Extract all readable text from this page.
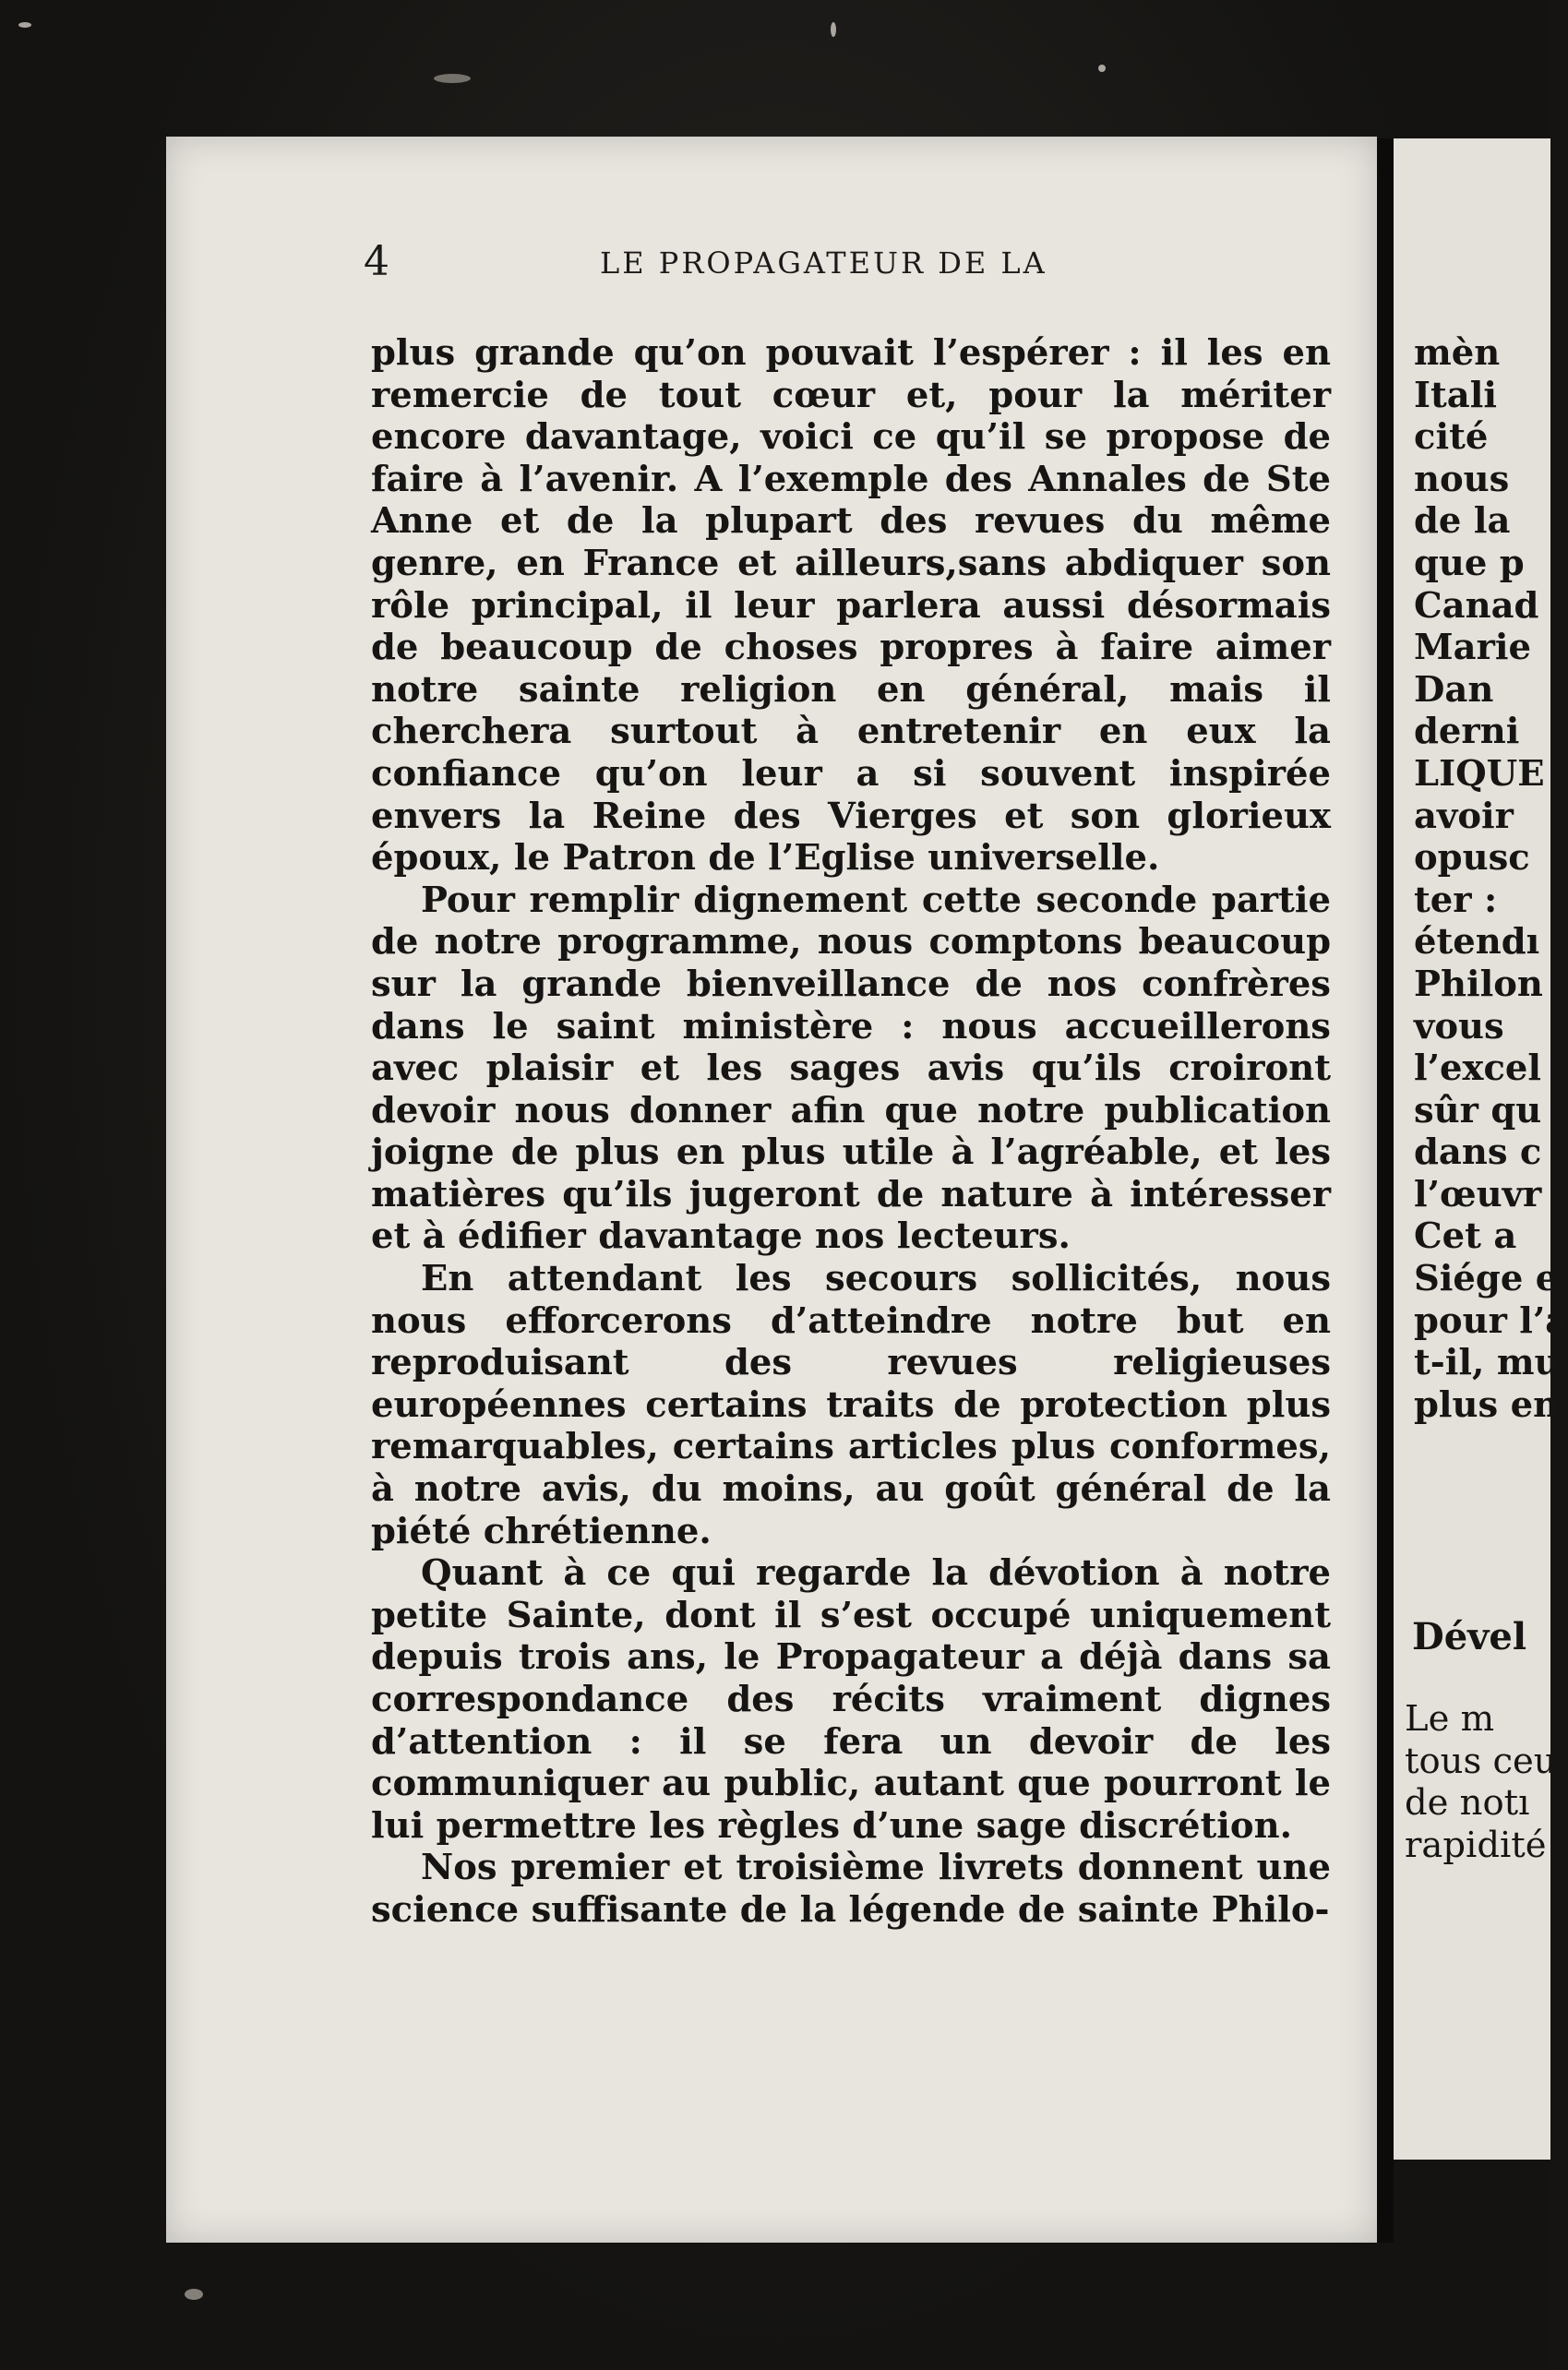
4	LE PROPAGATEUR DE LA

plus grande qu’on pouvait l’espérer : il les en remercie de tout cœur et, pour la mériter encore davantage, voici ce qu’il se propose de faire à l’avenir. A l’exemple des Annales de Ste Anne et de la plupart des revues du même genre, en France et ailleurs,sans abdiquer son rôle principal, il leur parlera aussi désormais de beaucoup de choses propres à faire aimer notre sainte religion en général, mais il cherchera surtout à entretenir en eux la confiance qu’on leur a si souvent inspirée envers la Reine des Vierges et son glorieux époux, le Patron de l’Eglise universelle.

Pour remplir dignement cette seconde partie de notre programme, nous comptons beaucoup sur la grande bienveillance de nos confrères dans le saint ministère : nous accueillerons avec plaisir et les sages avis qu’ils croiront devoir nous donner afin que notre publication joigne de plus en plus utile à l’agréable, et les matières qu’ils jugeront de nature à intéresser et à édifier davantage nos lecteurs.

En attendant les secours sollicités, nous nous efforcerons d’atteindre notre but en reproduisant des revues religieuses européennes certains traits de protection plus remarquables, certains articles plus conformes, à notre avis, du moins, au goût général de la piété chrétienne.

Quant à ce qui regarde la dévotion à notre petite Sainte, dont il s’est occupé uniquement depuis trois ans, le Propagateur a déjà dans sa correspondance des récits vraiment dignes d’attention : il se fera un devoir de les communiquer au public, autant que pourront le lui permettre les règles d’une sage discrétion.

Nos premier et troisième livrets donnent une science suffisante de la légende de sainte Philo-

mèn
Itali
cité
nous
de la
que p
Canad
Marie
Dan
derni
LIQUE
avoir
opusc
ter :
étendı
Philon
vous
l’excel
sûr qu
dans c
l’œuvr
Cet a
Siége e
pour l’a
t-il, mu
plus en
Dével
Le m
tous ceu
de notı
rapidité
